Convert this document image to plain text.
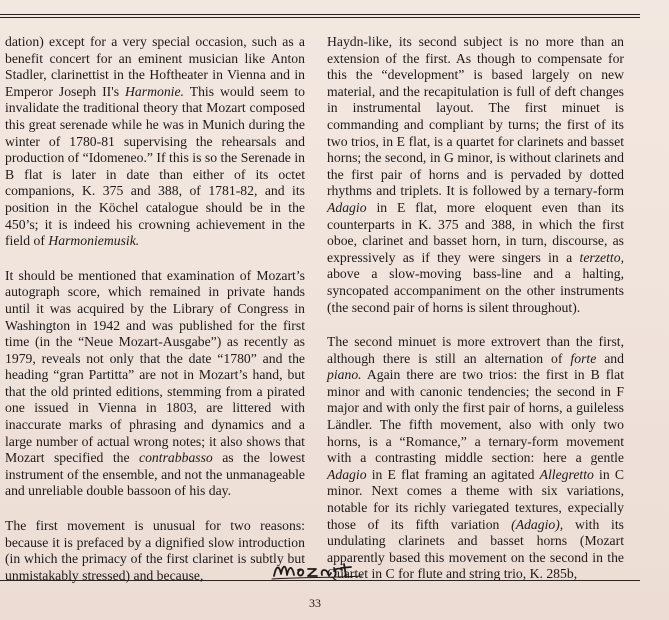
dation) except for a very special occasion, such as a benefit concert for an eminent musician like Anton Stadler, clarinettist in the Hoftheater in Vienna and in Emperor Joseph II's Harmonie. This would seem to invalidate the traditional theory that Mozart composed this great serenade while he was in Munich during the winter of 1780-81 supervising the rehearsals and production of “Idomeneo.” If this is so the Serenade in B flat is later in date than either of its octet companions, K. 375 and 388, of 1781-82, and its position in the Köchel catalogue should be in the 450’s; it is indeed his crowning achievement in the field of Harmoniemusik.

It should be mentioned that examination of Mozart’s autograph score, which remained in private hands until it was acquired by the Library of Congress in Washington in 1942 and was published for the first time (in the “Neue Mozart-Ausgabe”) as recently as 1979, reveals not only that the date “1780” and the heading “gran Partitta” are not in Mozart’s hand, but that the old printed editions, stemming from a pirated one issued in Vienna in 1803, are littered with inaccurate marks of phrasing and dynamics and a large number of actual wrong notes; it also shows that Mozart specified the contrabbasso as the lowest instrument of the ensemble, and not the unmanageable and unreliable double bassoon of his day.

The first movement is unusual for two reasons: because it is prefaced by a dignified slow introduction (in which the primacy of the first clarinet is subtly but unmistakably stressed) and because,

Haydn-like, its second subject is no more than an extension of the first. As though to compensate for this the “development” is based largely on new material, and the recapitulation is full of deft changes in instrumental layout. The first minuet is commanding and compliant by turns; the first of its two trios, in E flat, is a quartet for clarinets and basset horns; the second, in G minor, is without clarinets and the first pair of horns and is pervaded by dotted rhythms and triplets. It is followed by a ternary-form Adagio in E flat, more eloquent even than its counterparts in K. 375 and 388, in which the first oboe, clarinet and basset horn, in turn, discourse, as expressively as if they were singers in a terzetto, above a slow-moving bass-line and a halting, syncopated accompaniment on the other instruments (the second pair of horns is silent throughout).

The second minuet is more extrovert than the first, although there is still an alternation of forte and piano. Again there are two trios: the first in B flat minor and with canonic tendencies; the second in F major and with only the first pair of horns, a guileless Ländler. The fifth movement, also with only two horns, is a “Romance,” a ternary-form movement with a contrasting middle section: here a gentle Adagio in E flat framing an agitated Allegretto in C minor. Next comes a theme with six variations, notable for its richly variegated textures, expecially those of its fifth variation (Adagio), with its undulating clarinets and basset horns (Mozart apparently based this movement on the second in the Quartet in C for flute and string trio, K. 285b,

33
